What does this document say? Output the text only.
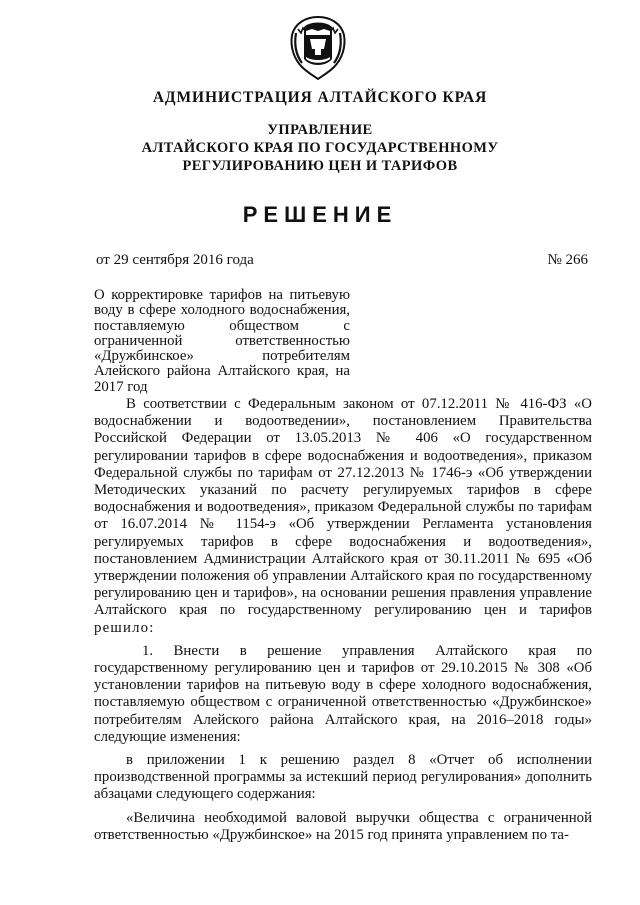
АДМИНИСТРАЦИЯ АЛТАЙСКОГО КРАЯ
УПРАВЛЕНИЕ
АЛТАЙСКОГО КРАЯ ПО ГОСУДАРСТВЕННОМУ
РЕГУЛИРОВАНИЮ ЦЕН И ТАРИФОВ
РЕШЕНИЕ
от 29 сентября 2016 года	№ 266
О корректировке тарифов на питьевую воду в сфере холодного водоснабжения, поставляемую обществом с ограниченной ответственностью «Дружбинское» потребителям Алейского района Алтайского края, на 2017 год

В соответствии с Федеральным законом от 07.12.2011 № 416-ФЗ «О водоснабжении и водоотведении», постановлением Правительства Российской Федерации от 13.05.2013 № 406 «О государственном регулировании тарифов в сфере водоснабжения и водоотведения», приказом Федеральной службы по тарифам от 27.12.2013 № 1746-э «Об утверждении Методических указаний по расчету регулируемых тарифов в сфере водоснабжения и водоотведения», приказом Федеральной службы по тарифам от 16.07.2014 № 1154-э «Об утверждении Регламента установления регулируемых тарифов в сфере водоснабжения и водоотведения», постановлением Администрации Алтайского края от 30.11.2011 № 695 «Об утверждении положения об управлении Алтайского края по государственному регулированию цен и тарифов», на основании решения правления управление Алтайского края по государственному регулированию цен и тарифов решило:

1. Внести в решение управления Алтайского края по государственному регулированию цен и тарифов от 29.10.2015 № 308 «Об установлении тарифов на питьевую воду в сфере холодного водоснабжения, поставляемую обществом с ограниченной ответственностью «Дружбинское» потребителям Алейского района Алтайского края, на 2016–2018 годы» следующие изменения:

в приложении 1 к решению раздел 8 «Отчет об исполнении производственной программы за истекший период регулирования» дополнить абзацами следующего содержания:

«Величина необходимой валовой выручки общества с ограниченной ответственностью «Дружбинское» на 2015 год принята управлением по та-
